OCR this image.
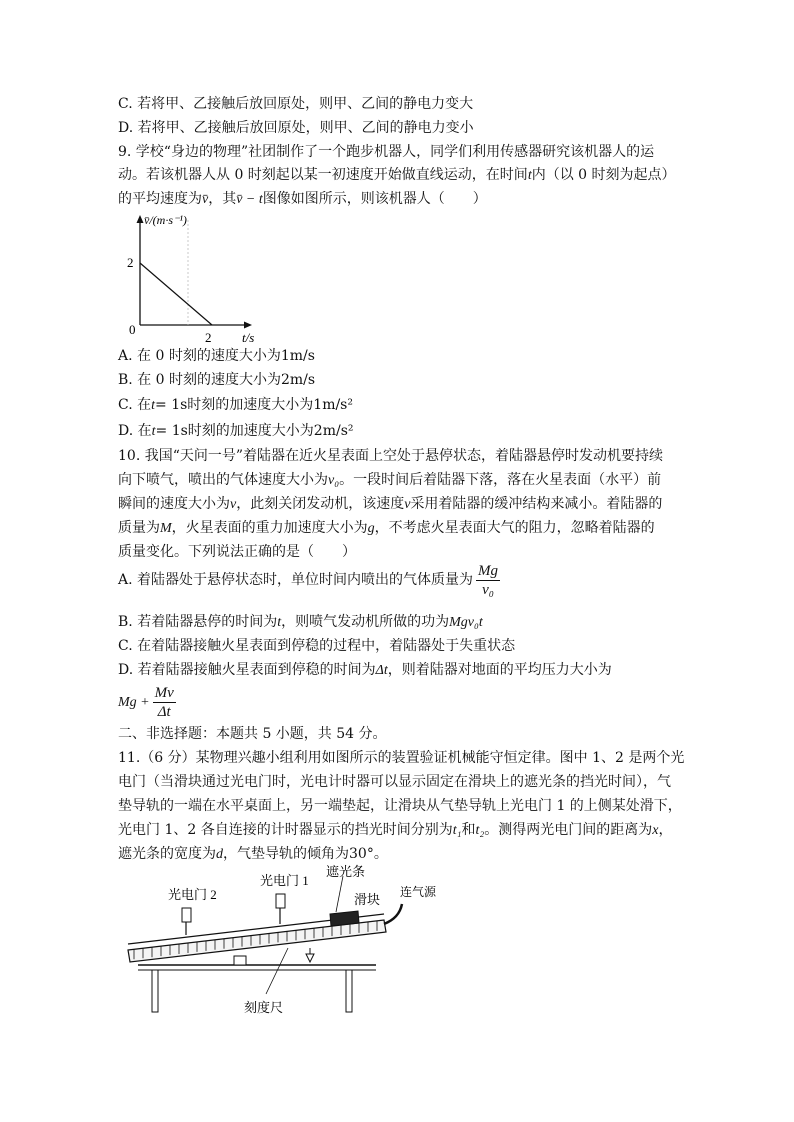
C. 若将甲、乙接触后放回原处，则甲、乙间的静电力变大
D. 若将甲、乙接触后放回原处，则甲、乙间的静电力变小
9. 学校“身边的物理”社团制作了一个跑步机器人，同学们利用传感器研究该机器人的运
动。若该机器人从 0 时刻起以某一初速度开始做直线运动，在时间t内（以 0 时刻为起点）
的平均速度为v̄，其v̄ − t图像如图所示，则该机器人（　　）
v̄/(m·s⁻¹)
t/s
2
2
0
A. 在 0 时刻的速度大小为1m/s
B. 在 0 时刻的速度大小为2m/s
C. 在t= 1s时刻的加速度大小为1m/s²
D. 在t= 1s时刻的加速度大小为2m/s²
10. 我国“天问一号”着陆器在近火星表面上空处于悬停状态，着陆器悬停时发动机要持续
向下喷气，喷出的气体速度大小为v₀。一段时间后着陆器下落，落在火星表面（水平）前
瞬间的速度大小为v，此刻关闭发动机，该速度v采用着陆器的缓冲结构来减小。着陆器的
质量为M，火星表面的重力加速度大小为g，不考虑火星表面大气的阻力，忽略着陆器的
质量变化。下列说法正确的是（　　）
A. 着陆器处于悬停状态时，单位时间内喷出的气体质量为 $\frac{Mg}{\text{v₀}}$
B. 若着陆器悬停的时间为t，则喷气发动机所做的功为Mgv₀t
C. 在着陆器接触火星表面到停稳的过程中，着陆器处于失重状态
D. 若着陆器接触火星表面到停稳的时间为Δt，则着陆器对地面的平均压力大小为
$Mg + \frac{Mv}{\Delta t}$
二、非选择题：本题共 5 小题，共 54 分。
11.（6 分）某物理兴趣小组利用如图所示的装置验证机械能守恒定律。图中 1、2 是两个光
电门（当滑块通过光电门时，光电计时器可以显示固定在滑块上的遮光条的挡光时间），气
垫导轨的一端在水平桌面上，另一端垫起，让滑块从气垫导轨上光电门 1 的上侧某处滑下，
光电门 1、2 各自连接的计时器显示的挡光时间分别为t₁和t₂。测得两光电门间的距离为x，
遮光条的宽度为d，气垫导轨的倾角为30°。
光电门 2
光电门 1
遮光条
滑块 连气源
刻度尺
